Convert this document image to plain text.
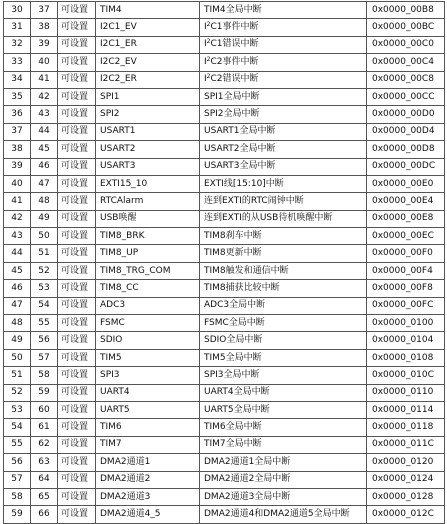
30	37	可设置	TIM4	TIM4全局中断	0x0000_00B8
31	38	可设置	I2C1_EV	$I^2C1$事件中断	0x0000_00BC
32	39	可设置	I2C1_ER	$I^2C1$错误中断	0x0000_00C0
33	40	可设置	I2C2_EV	$I^2C2$事件中断	0x0000_00C4
34	41	可设置	I2C2_ER	$I^2C2$错误中断	0x0000_00C8
35	42	可设置	SPI1	SPI1全局中断	0x0000_00CC
36	43	可设置	SPI2	SPI2全局中断	0x0000_00D0
37	44	可设置	USART1	USART1全局中断	0x0000_00D4
38	45	可设置	USART2	USART2全局中断	0x0000_00D8
39	46	可设置	USART3	USART3全局中断	0x0000_00DC
40	47	可设置	EXTI15_10	EXTI线[15:10]中断	0x0000_00E0
41	48	可设置	RTCAlarm	连到EXTI的RTC闹钟中断	0x0000_00E4
42	49	可设置	USB唤醒	连到EXTI的从USB待机唤醒中断	0x0000_00E8
43	50	可设置	TIM8_BRK	TIM8刹车中断	0x0000_00EC
44	51	可设置	TIM8_UP	TIM8更新中断	0x0000_00F0
45	52	可设置	TIM8_TRG_COM	TIM8触发和通信中断	0x0000_00F4
46	53	可设置	TIM8_CC	TIM8捕获比较中断	0x0000_00F8
47	54	可设置	ADC3	ADC3全局中断	0x0000_00FC
48	55	可设置	FSMC	FSMC全局中断	0x0000_0100
49	56	可设置	SDIO	SDIO全局中断	0x0000_0104
50	57	可设置	TIM5	TIM5全局中断	0x0000_0108
51	58	可设置	SPI3	SPI3全局中断	0x0000_010C
52	59	可设置	UART4	UART4全局中断	0x0000_0110
53	60	可设置	UART5	UART5全局中断	0x0000_0114
54	61	可设置	TIM6	TIM6全局中断	0x0000_0118
55	62	可设置	TIM7	TIM7全局中断	0x0000_011C
56	63	可设置	DMA2通道1	DMA2通道1全局中断	0x0000_0120
57	64	可设置	DMA2通道2	DMA2通道2全局中断	0x0000_0124
58	65	可设置	DMA2通道3	DMA2通道3全局中断	0x0000_0128
59	66	可设置	DMA2通道4_5	DMA2通道4和DMA2通道5全局中断	0x0000_012C
